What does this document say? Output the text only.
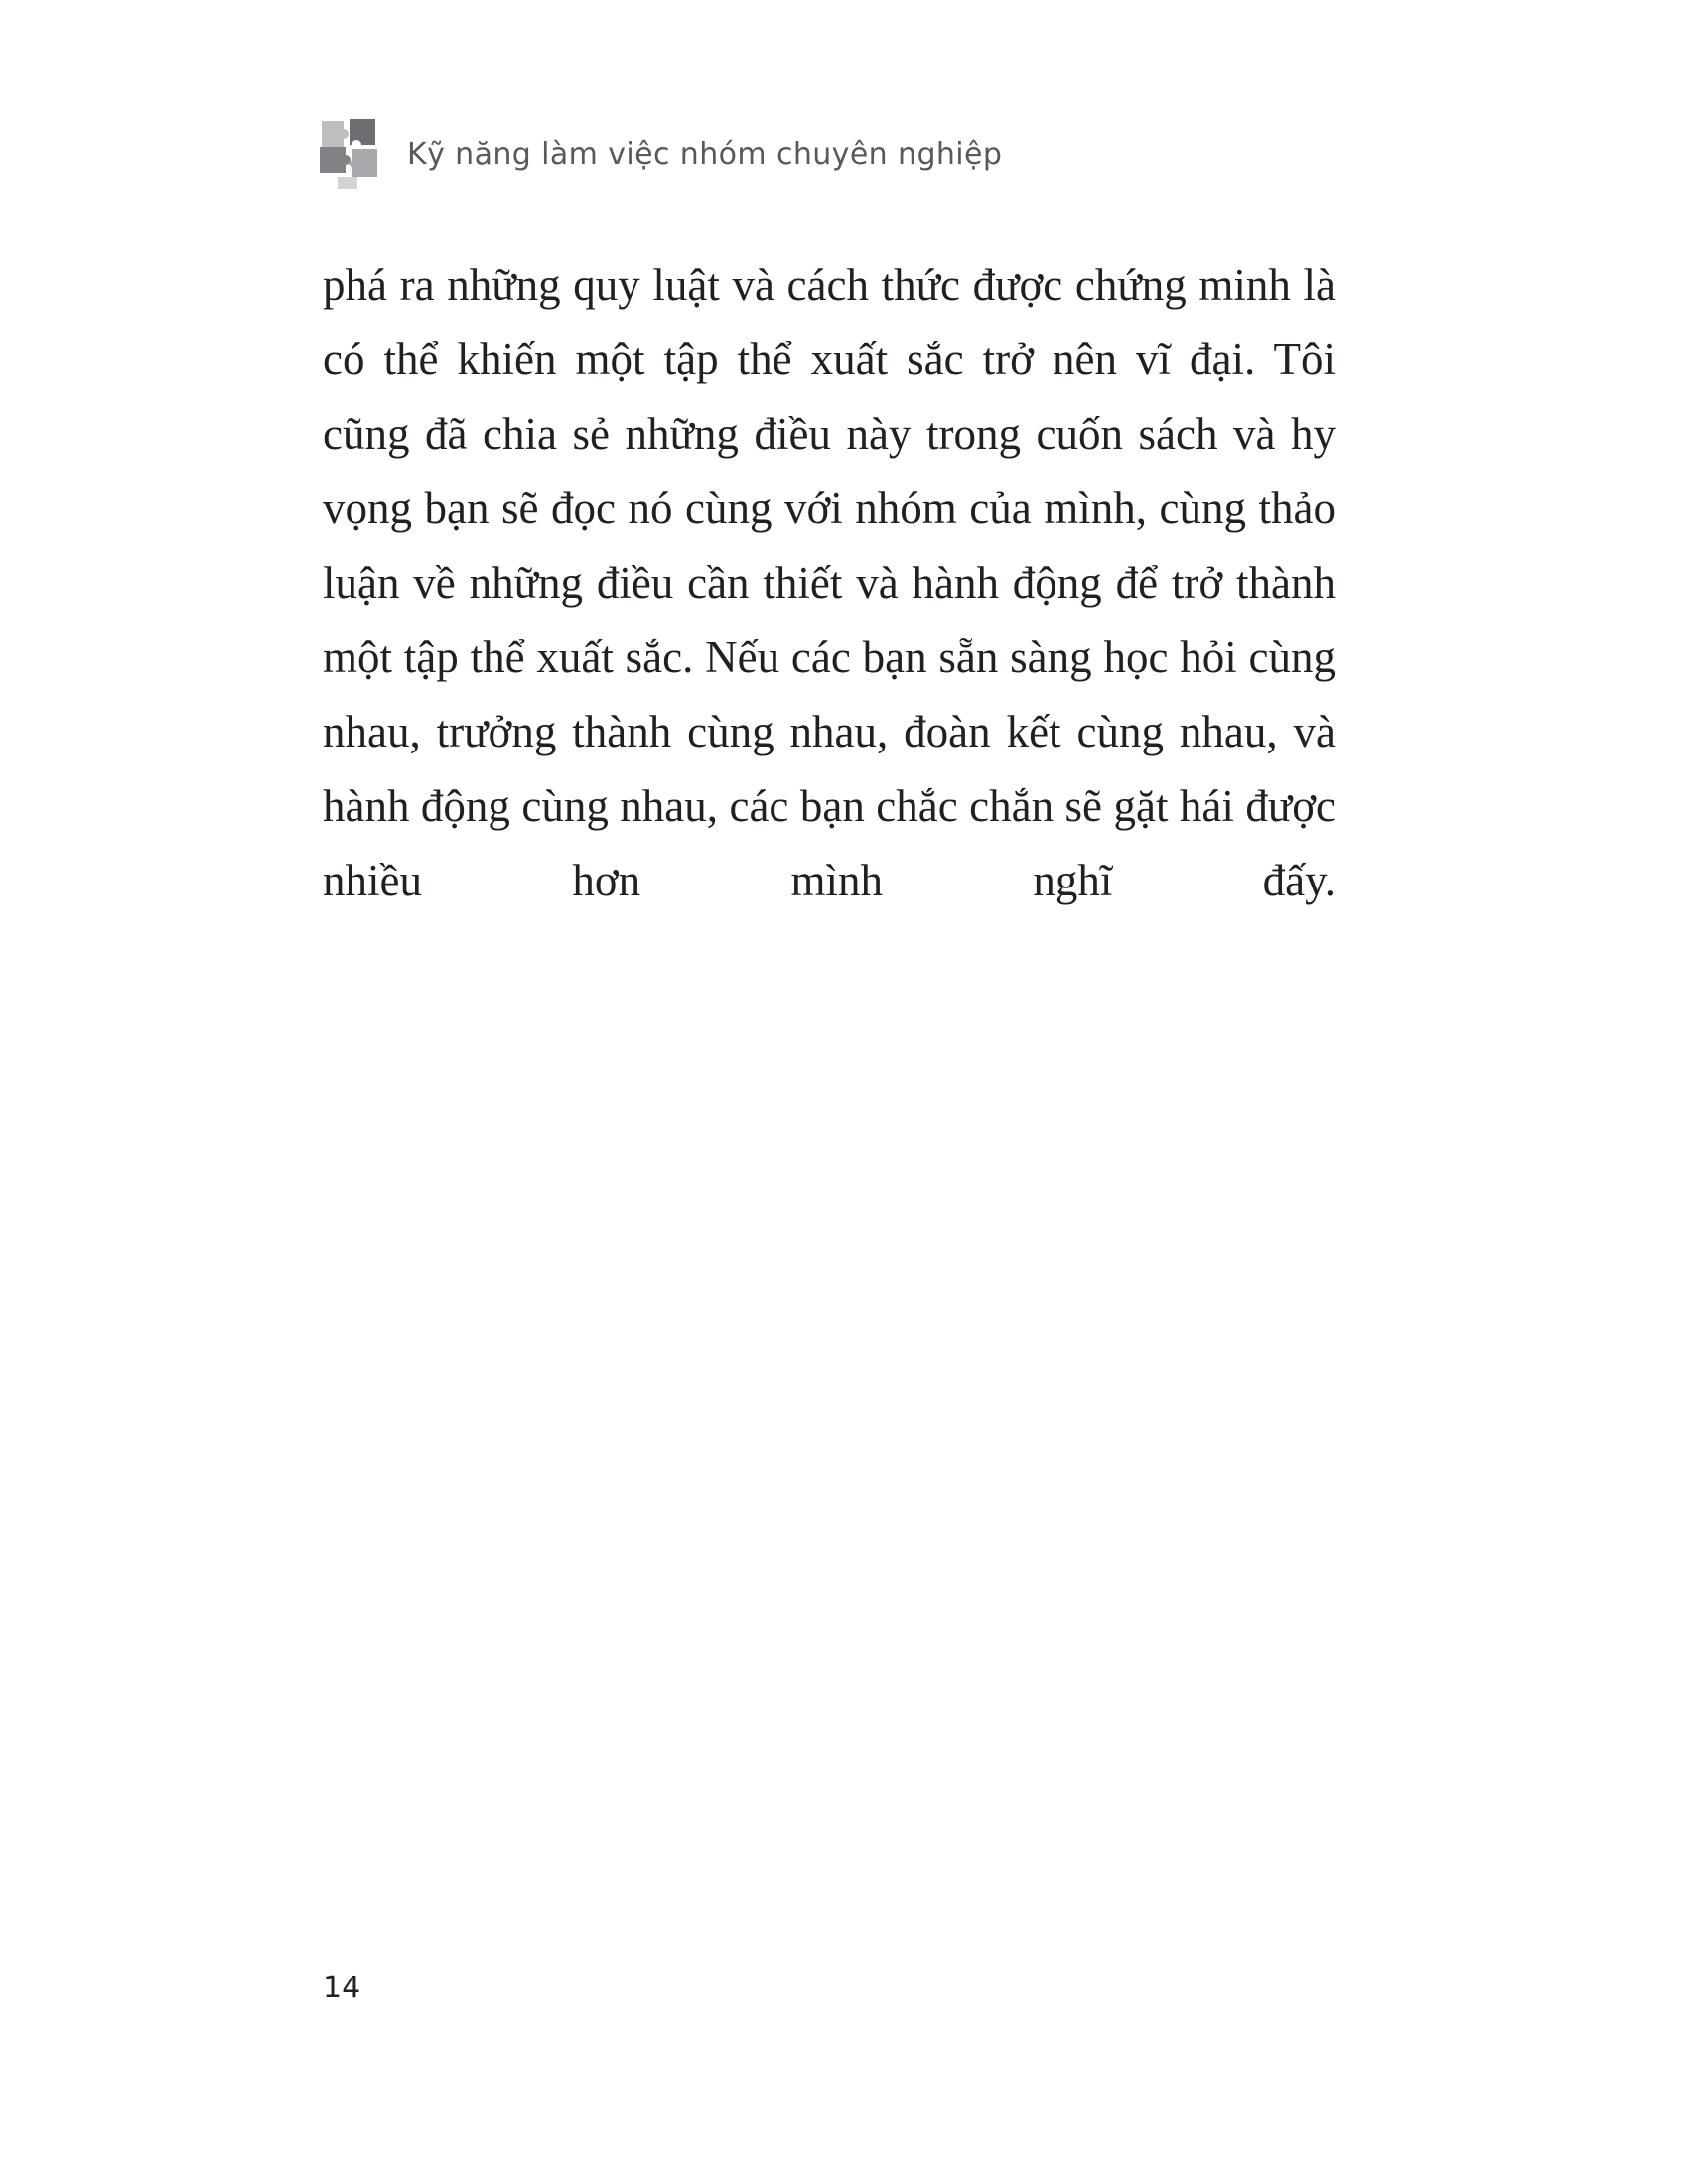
Kỹ năng làm việc nhóm chuyên nghiệp

phá ra những quy luật và cách thức được chứng minh là có thể khiến một tập thể xuất sắc trở nên vĩ đại. Tôi cũng đã chia sẻ những điều này trong cuốn sách và hy vọng bạn sẽ đọc nó cùng với nhóm của mình, cùng thảo luận về những điều cần thiết và hành động để trở thành một tập thể xuất sắc. Nếu các bạn sẵn sàng học hỏi cùng nhau, trưởng thành cùng nhau, đoàn kết cùng nhau, và hành động cùng nhau, các bạn chắc chắn sẽ gặt hái được nhiều hơn mình nghĩ đấy.

14
